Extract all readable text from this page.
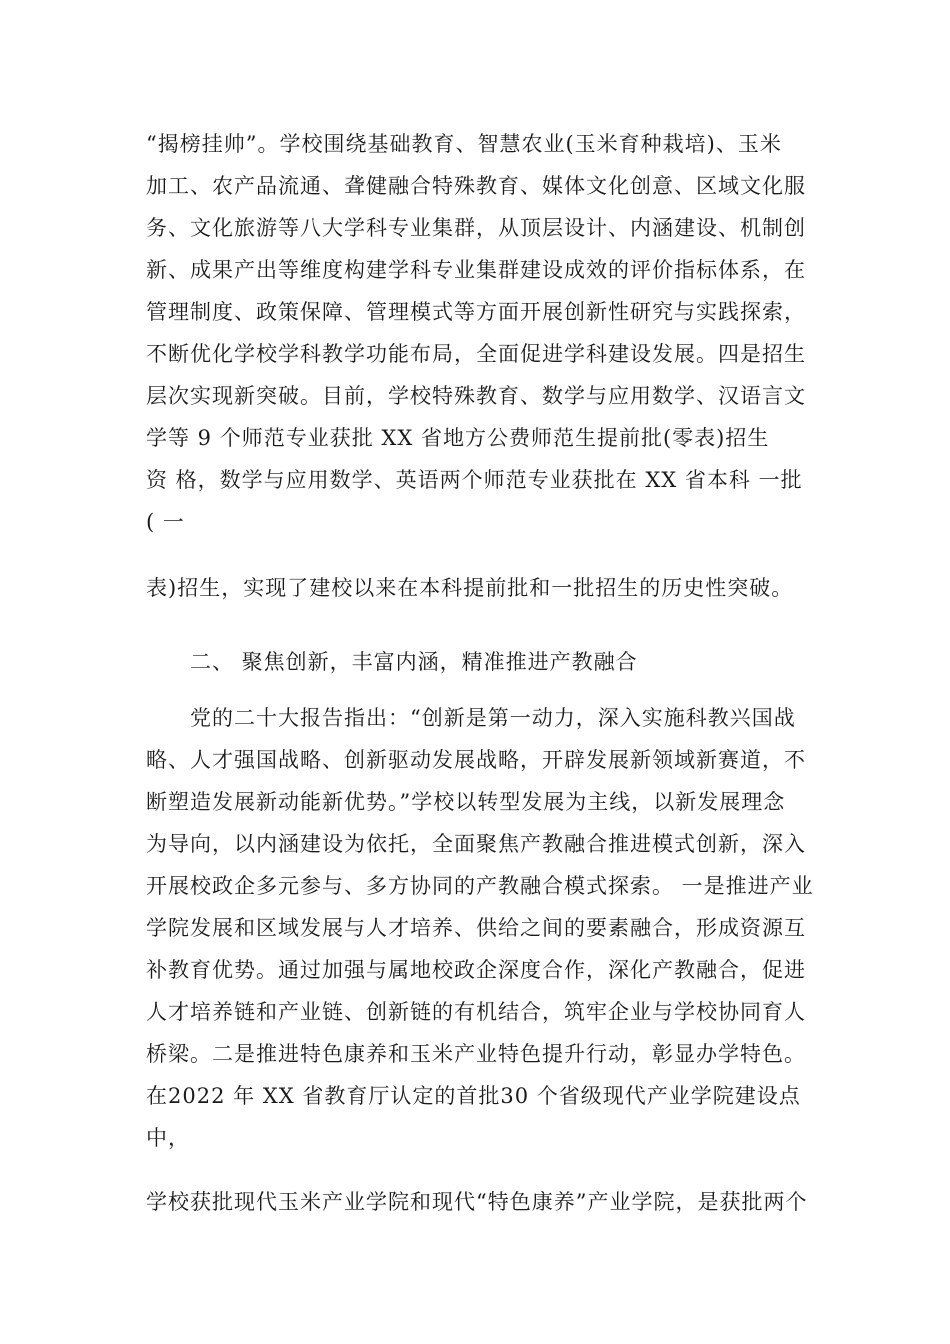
“揭榜挂帅”。学校围绕基础教育、智慧农业(玉米育种栽培)、玉米
加工、农产品流通、聋健融合特殊教育、媒体文化创意、区域文化服
务、文化旅游等八大学科专业集群，从顶层设计、内涵建设、机制创
新、成果产出等维度构建学科专业集群建设成效的评价指标体系，在
管理制度、政策保障、管理模式等方面开展创新性研究与实践探索，
不断优化学校学科教学功能布局，全面促进学科建设发展。四是招生
层次实现新突破。目前，学校特殊教育、数学与应用数学、汉语言文
学等 9 个师范专业获批 XX 省地方公费师范生提前批(零表)招生
资 格，数学与应用数学、英语两个师范专业获批在 XX 省本科 一批
( 一
表)招生，实现了建校以来在本科提前批和一批招生的历史性突破。
二、 聚焦创新，丰富内涵，精准推进产教融合
党的二十大报告指出：“创新是第一动力，深入实施科教兴国战
略、人才强国战略、创新驱动发展战略，开辟发展新领域新赛道，不
断塑造发展新动能新优势。”学校以转型发展为主线，以新发展理念
为导向，以内涵建设为依托，全面聚焦产教融合推进模式创新，深入
开展校政企多元参与、多方协同的产教融合模式探索。 一是推进产业
学院发展和区域发展与人才培养、供给之间的要素融合，形成资源互
补教育优势。通过加强与属地校政企深度合作，深化产教融合，促进
人才培养链和产业链、创新链的有机结合，筑牢企业与学校协同育人
桥梁。二是推进特色康养和玉米产业特色提升行动，彰显办学特色。
在2022 年 XX 省教育厅认定的首批30 个省级现代产业学院建设点
中，
学校获批现代玉米产业学院和现代“特色康养”产业学院，是获批两个
